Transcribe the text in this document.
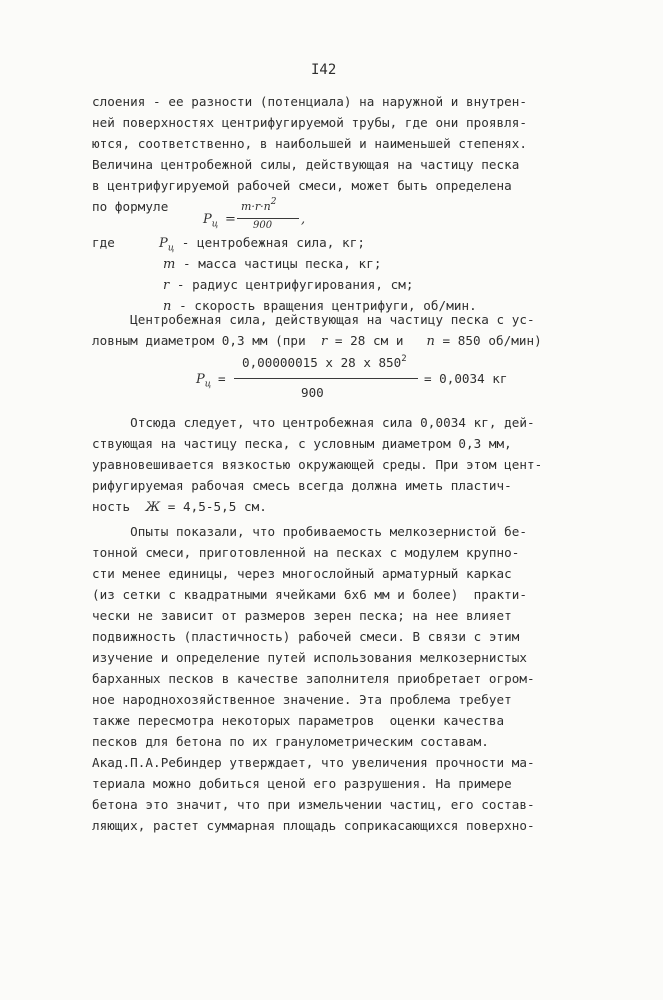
I42
слоения - ее разности (потенциала) на наружной и внутрен-
ней поверхностях центрифугируемой трубы, где они проявля-
ются, соответственно, в наибольшей и наименьшей степенях.
Величина центробежной силы, действующая на частицу песка
в центрифугируемой рабочей смеси, может быть определена
по формуле

$P_ц$

=

$m\cdot r\cdot n^2$

900

,

где	$P_ц$ - центробежная сила, кг;
m - масса частицы песка, кг;
r - радиус центрифугирования, см;
n - скорость вращения центрифуги, об/мин.
Центробежная сила, действующая на частицу песка с ус-
ловным диаметром 0,3 мм (при  r = 28 см и   n = 850 об/мин)

$P_ц$

=

0,00000015 x 28 x $850^2$

900

= 0,0034 кг

Отсюда следует, что центробежная сила 0,0034 кг, дей-
ствующая на частицу песка, с условным диаметром 0,3 мм,
уравновешивается вязкостью окружающей среды. При этом цент-
рифугируемая рабочая смесь всегда должна иметь пластич-
ность  Ж = 4,5-5,5 см.
Опыты показали, что пробиваемость мелкозернистой бе-
тонной смеси, приготовленной на песках с модулем крупно-
сти менее единицы, через многослойный арматурный каркас
(из сетки с квадратными ячейками 6х6 мм и более)  практи-
чески не зависит от размеров зерен песка; на нее влияет
подвижность (пластичность) рабочей смеси. В связи с этим
изучение и определение путей использования мелкозернистых
барханных песков в качестве заполнителя приобретает огром-
ное народнохозяйственное значение. Эта проблема требует
также пересмотра некоторых параметров  оценки качества
песков для бетона по их гранулометрическим составам.
Акад.П.А.Ребиндер утверждает, что увеличения прочности ма-
териала можно добиться ценой его разрушения. На примере
бетона это значит, что при измельчении частиц, его состав-
ляющих, растет суммарная площадь соприкасающихся поверхно-
